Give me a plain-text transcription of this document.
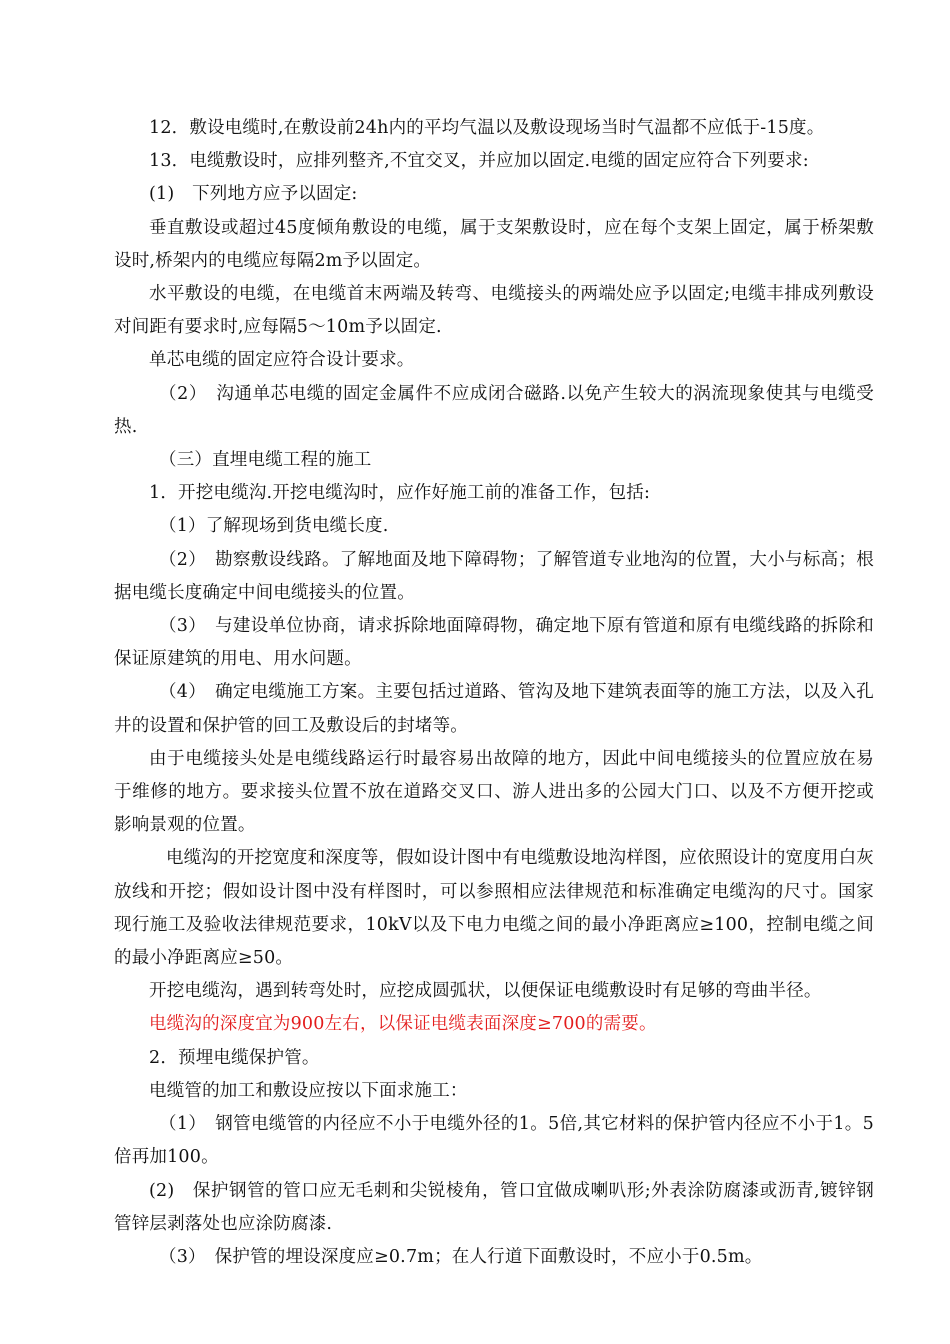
12．敷设电缆时,在敷设前24h内的平均气温以及敷设现场当时气温都不应低于-15度。

13．电缆敷设时，应排列整齐,不宜交叉，并应加以固定.电缆的固定应符合下列要求:

(1)　下列地方应予以固定:

垂直敷设或超过45度倾角敷设的电缆，属于支架敷设时，应在每个支架上固定，属于桥架敷设时,桥架内的电缆应每隔2m予以固定。

水平敷设的电缆，在电缆首末两端及转弯、电缆接头的两端处应予以固定;电缆丰排成列敷设对间距有要求时,应每隔5～10m予以固定.

单芯电缆的固定应符合设计要求。

（2）　沟通单芯电缆的固定金属件不应成闭合磁路.以免产生较大的涡流现象使其与电缆受热.

（三）直埋电缆工程的施工

1．开挖电缆沟.开挖电缆沟时，应作好施工前的准备工作，包括:

（1）了解现场到货电缆长度.

（2）　勘察敷设线路。了解地面及地下障碍物；了解管道专业地沟的位置，大小与标高；根据电缆长度确定中间电缆接头的位置。

（3）　与建设单位协商，请求拆除地面障碍物，确定地下原有管道和原有电缆线路的拆除和保证原建筑的用电、用水问题。

（4）　确定电缆施工方案。主要包括过道路、管沟及地下建筑表面等的施工方法，以及入孔井的设置和保护管的回工及敷设后的封堵等。

由于电缆接头处是电缆线路运行时最容易出故障的地方，因此中间电缆接头的位置应放在易于维修的地方。要求接头位置不放在道路交叉口、游人进出多的公园大门口、以及不方便开挖或影响景观的位置。

电缆沟的开挖宽度和深度等，假如设计图中有电缆敷设地沟样图，应依照设计的宽度用白灰放线和开挖；假如设计图中没有样图时，可以参照相应法律规范和标准确定电缆沟的尺寸。国家现行施工及验收法律规范要求，10kV以及下电力电缆之间的最小净距离应≥100，控制电缆之间的最小净距离应≥50。

开挖电缆沟，遇到转弯处时，应挖成圆弧状，以便保证电缆敷设时有足够的弯曲半径。

电缆沟的深度宜为900左右，以保证电缆表面深度≥700的需要。

2．预埋电缆保护管。

电缆管的加工和敷设应按以下面求施工：

（1）　钢管电缆管的内径应不小于电缆外径的1。5倍,其它材料的保护管内径应不小于1。5倍再加100。

(2)　保护钢管的管口应无毛刺和尖锐棱角，管口宜做成喇叭形;外表涂防腐漆或沥青,镀锌钢管锌层剥落处也应涂防腐漆.

（3）　保护管的埋设深度应≥0.7m；在人行道下面敷设时，不应小于0.5m。
